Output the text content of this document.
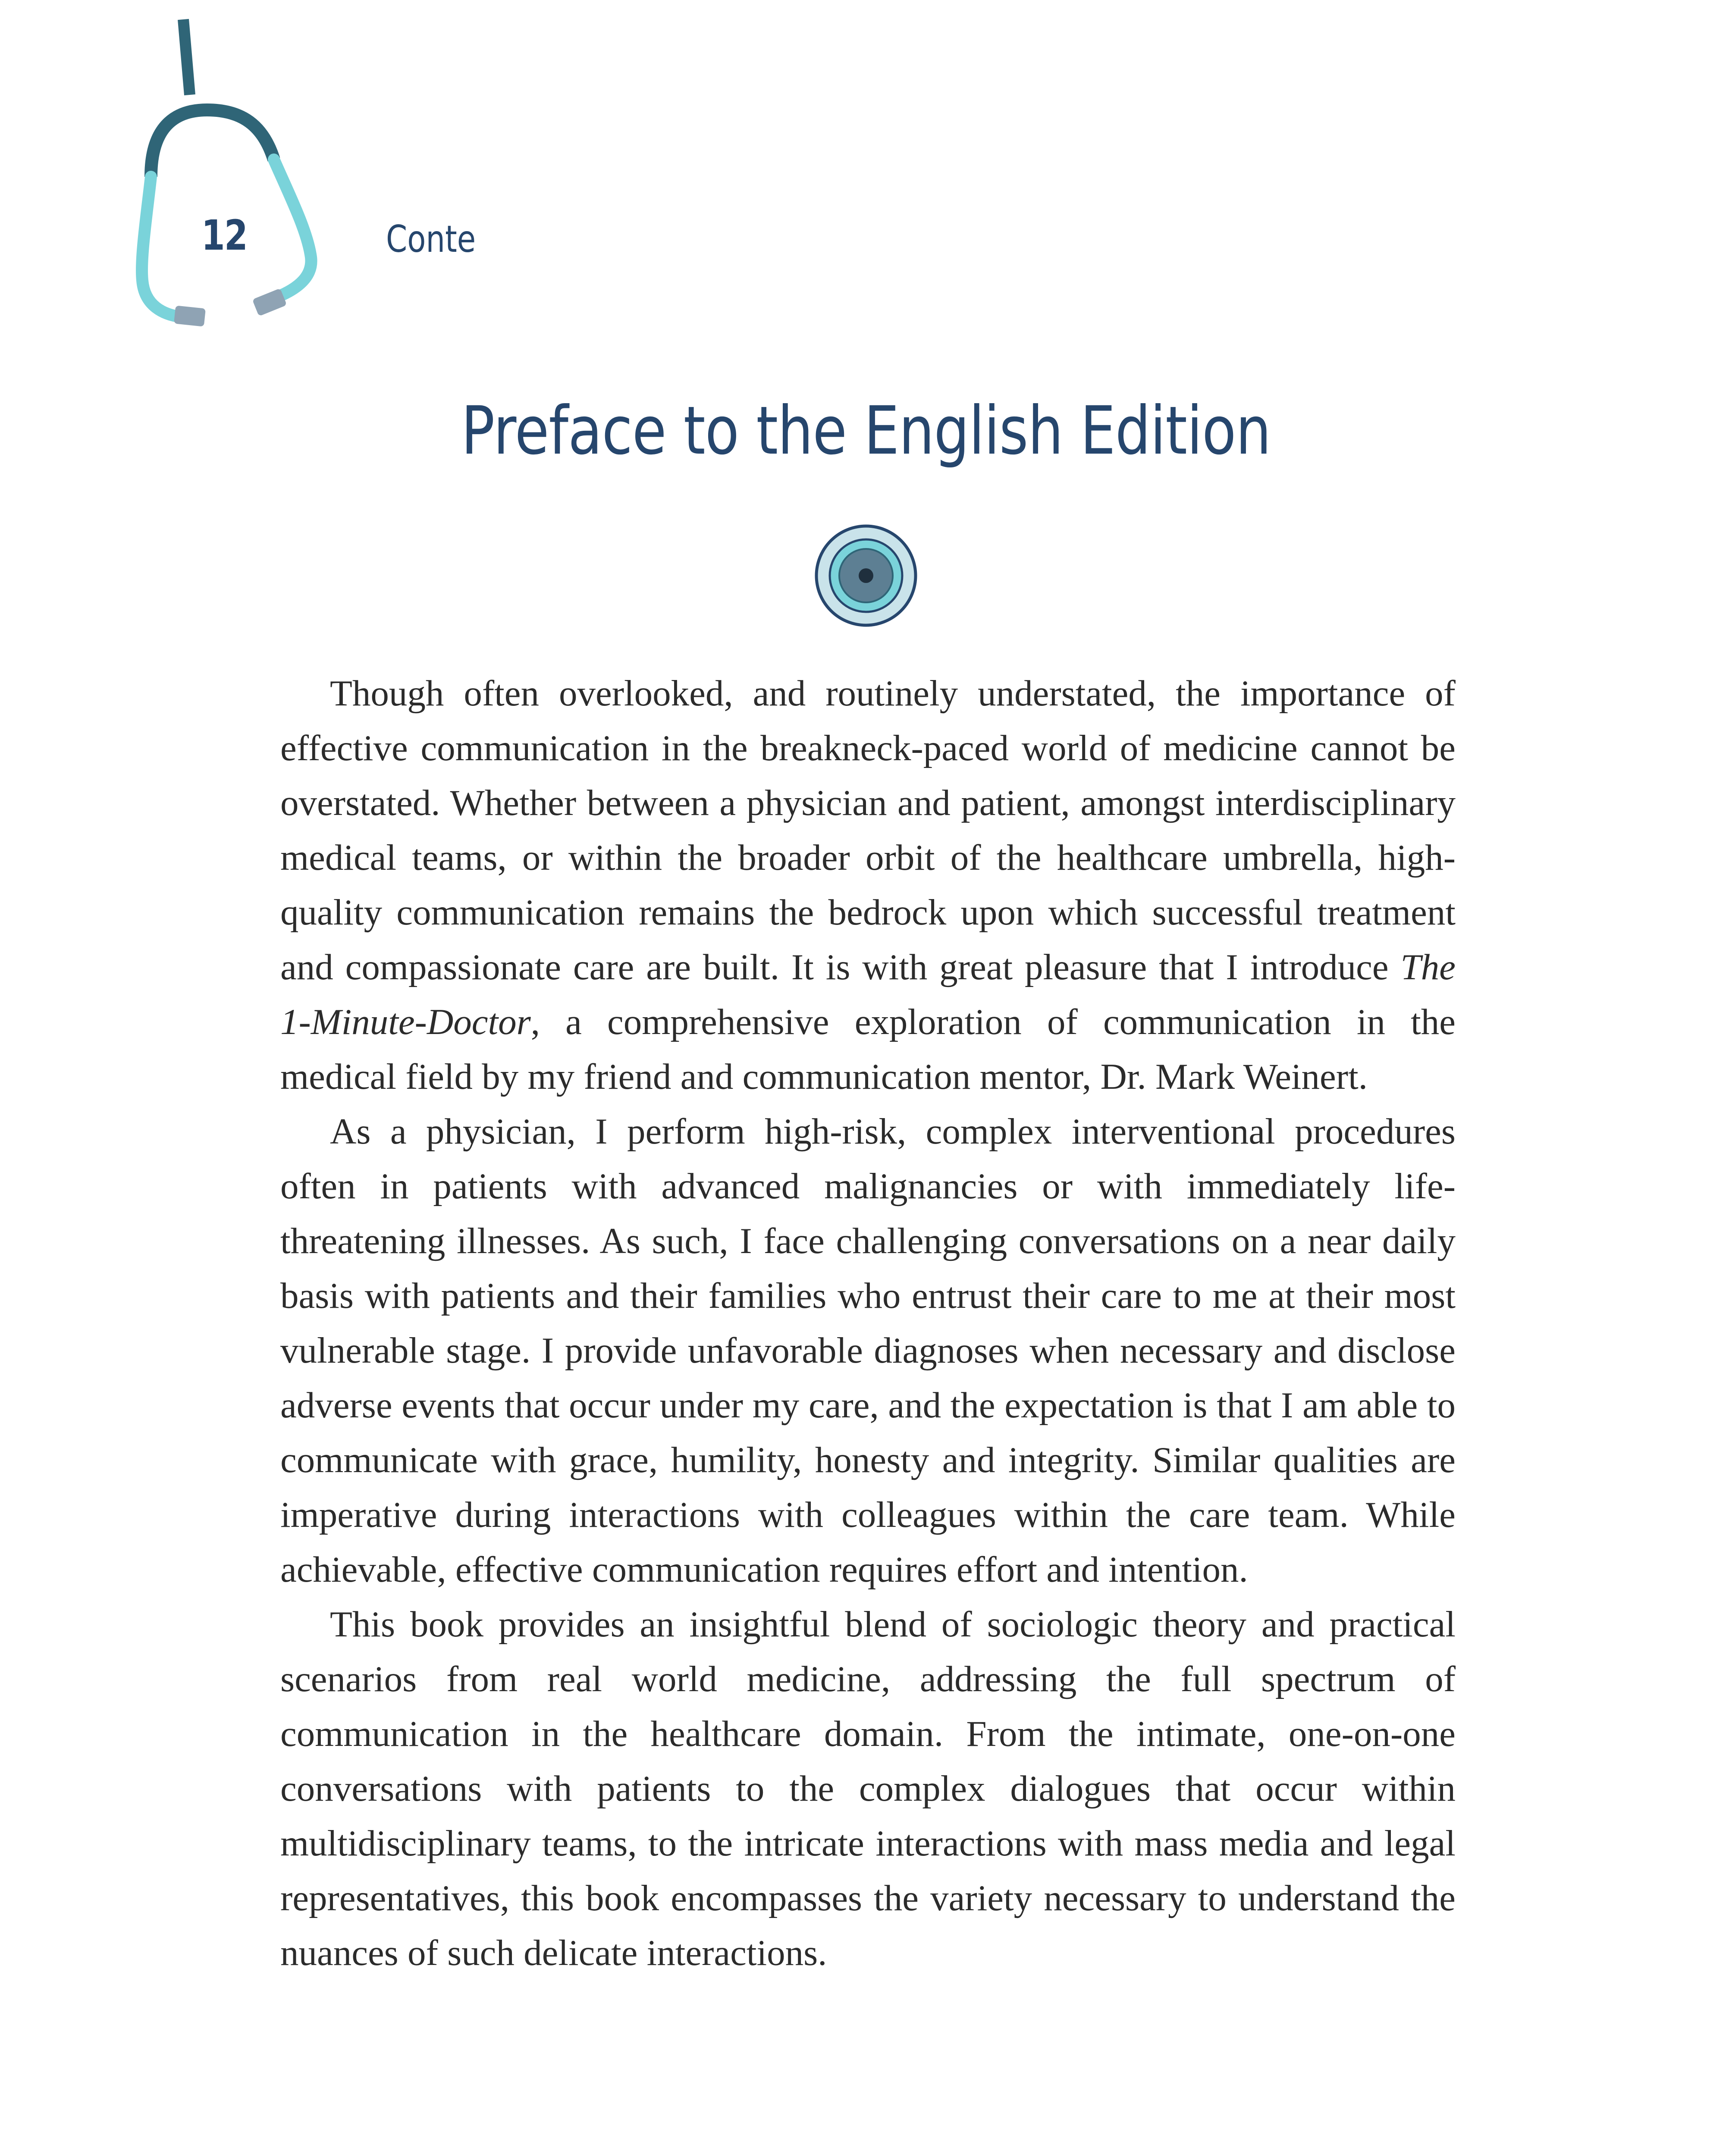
12	Conte
Preface to the English Edition

Though often overlooked, and routinely understated, the importance of effective communication in the breakneck-paced world of medicine cannot be overstated. Whether between a physician and patient, amongst interdisciplinary medical teams, or within the broader orbit of the healthcare umbrella, high-quality communication remains the bedrock upon which successful treatment and compassionate care are built. It is with great pleasure that I introduce The 1-Minute-Doctor, a comprehensive exploration of communication in the medical field by my friend and communication mentor, Dr. Mark Weinert.

As a physician, I perform high-risk, complex interventional procedures often in patients with advanced malignancies or with immediately life-threatening illnesses. As such, I face challenging conversations on a near daily basis with patients and their families who entrust their care to me at their most vulnerable stage. I provide unfavorable diagnoses when necessary and disclose adverse events that occur under my care, and the expectation is that I am able to communicate with grace, humility, honesty and integrity. Similar qualities are imperative during interactions with colleagues within the care team. While achievable, effective communication requires effort and intention.

This book provides an insightful blend of sociologic theory and practical scenarios from real world medicine, addressing the full spectrum of communication in the healthcare domain. From the intimate, one-on-one conversations with patients to the complex dialogues that occur within multidisciplinary teams, to the intricate interactions with mass media and legal representatives, this book encompasses the variety necessary to understand the nuances of such delicate interactions.
